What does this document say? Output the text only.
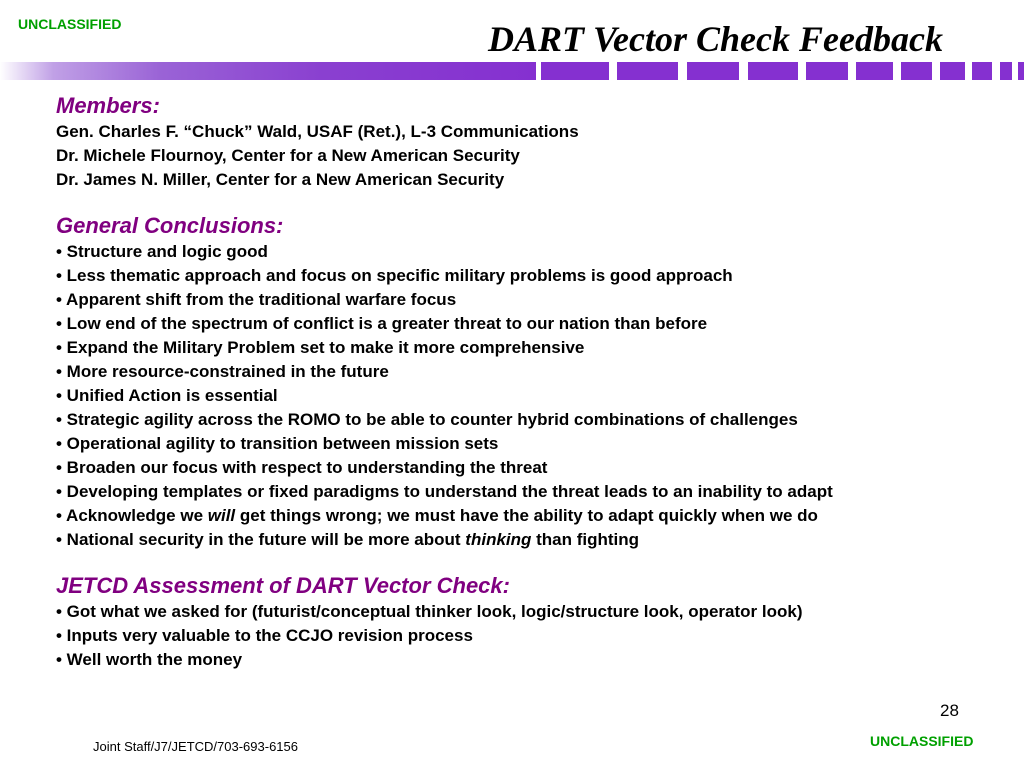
UNCLASSIFIED	DART Vector Check Feedback
Members:
Gen. Charles F. “Chuck” Wald, USAF (Ret.), L-3 Communications
Dr. Michele Flournoy, Center for a New American Security
Dr. James N. Miller, Center for a New American Security
General Conclusions:
• Structure and logic good
• Less thematic approach and focus on specific military problems is good approach
• Apparent shift from the traditional warfare focus
• Low end of the spectrum of conflict is a greater threat to our nation than before
• Expand the Military Problem set to make it more comprehensive
• More resource-constrained in the future
• Unified Action is essential
• Strategic agility across the ROMO to be able to counter hybrid combinations of challenges
• Operational agility to transition between mission sets
• Broaden our focus with respect to understanding the threat
• Developing templates or fixed paradigms to understand the threat leads to an inability to adapt
• Acknowledge we will get things wrong; we must have the ability to adapt quickly when we do
• National security in the future will be more about thinking than fighting
JETCD Assessment of DART Vector Check:
• Got what we asked for (futurist/conceptual thinker look, logic/structure look, operator look)
• Inputs very valuable to the CCJO revision process
• Well worth the money
28
Joint Staff/J7/JETCD/703-693-6156	UNCLASSIFIED
